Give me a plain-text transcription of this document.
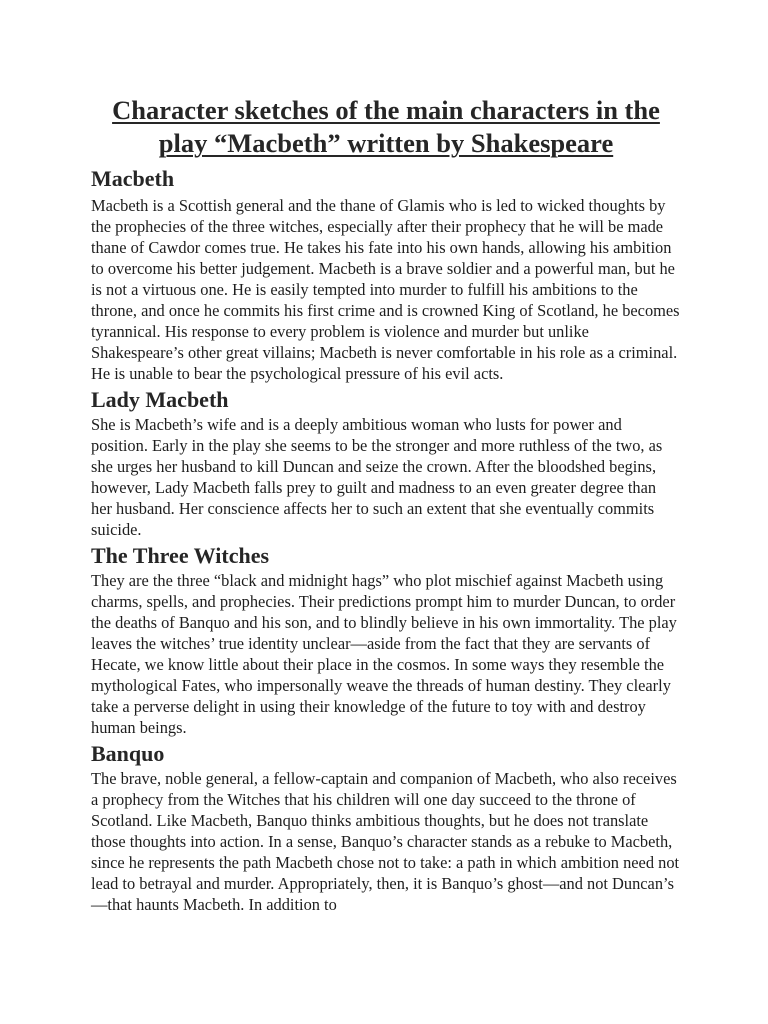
Character sketches of the main characters in the play “Macbeth” written by Shakespeare
Macbeth

Macbeth is a Scottish general and the thane of Glamis who is led to wicked thoughts by the prophecies of the three witches, especially after their prophecy that he will be made thane of Cawdor comes true. He takes his fate into his own hands, allowing his ambition to overcome his better judgement. Macbeth is a brave soldier and a powerful man, but he is not a virtuous one. He is easily tempted into murder to fulfill his ambitions to the throne, and once he commits his first crime and is crowned King of Scotland, he becomes tyrannical. His response to every problem is violence and murder but unlike Shakespeare’s other great villains; Macbeth is never comfortable in his role as a criminal. He is unable to bear the psychological pressure of his evil acts.

Lady Macbeth

She is Macbeth’s wife and is a deeply ambitious woman who lusts for power and position. Early in the play she seems to be the stronger and more ruthless of the two, as she urges her husband to kill Duncan and seize the crown. After the bloodshed begins, however, Lady Macbeth falls prey to guilt and madness to an even greater degree than her husband. Her conscience affects her to such an extent that she eventually commits suicide.

The Three Witches

They are the three “black and midnight hags” who plot mischief against Macbeth using charms, spells, and prophecies. Their predictions prompt him to murder Duncan, to order the deaths of Banquo and his son, and to blindly believe in his own immortality. The play leaves the witches’ true identity unclear—aside from the fact that they are servants of Hecate, we know little about their place in the cosmos. In some ways they resemble the mythological Fates, who impersonally weave the threads of human destiny. They clearly take a perverse delight in using their knowledge of the future to toy with and destroy human beings.

Banquo

The brave, noble general, a fellow-captain and companion of Macbeth, who also receives a prophecy from the Witches that his children will one day succeed to the throne of Scotland. Like Macbeth, Banquo thinks ambitious thoughts, but he does not translate those thoughts into action. In a sense, Banquo’s character stands as a rebuke to Macbeth, since he represents the path Macbeth chose not to take: a path in which ambition need not lead to betrayal and murder. Appropriately, then, it is Banquo’s ghost—and not Duncan’s—that haunts Macbeth. In addition to
